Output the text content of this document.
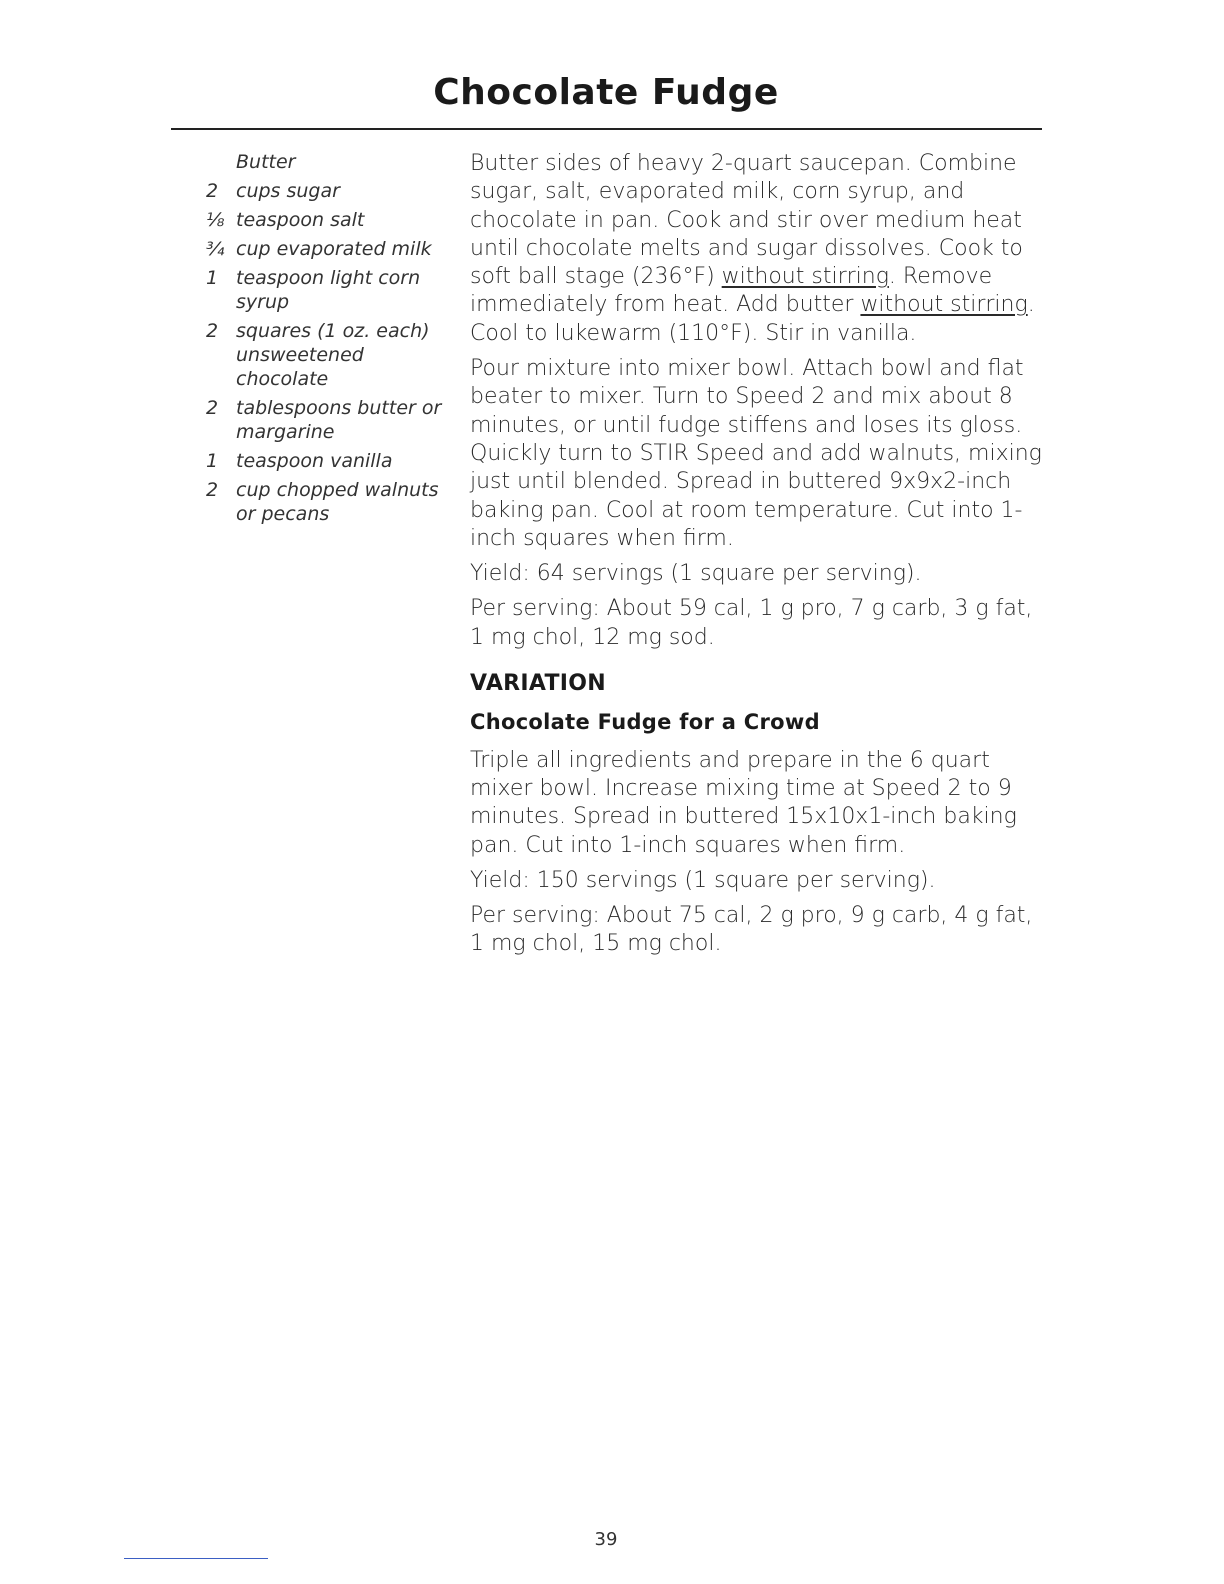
Chocolate Fudge
Butter
2 cups sugar
⅛ teaspoon salt
¾ cup evaporated milk
1 teaspoon light corn syrup
2 squares (1 oz. each) unsweetened chocolate
2 tablespoons butter or margarine
1 teaspoon vanilla
2 cup chopped walnuts or pecans

Butter sides of heavy 2-quart saucepan. Combine sugar, salt, evaporated milk, corn syrup, and chocolate in pan. Cook and stir over medium heat until chocolate melts and sugar dissolves. Cook to soft ball stage (236°F) without stirring. Remove immediately from heat. Add butter without stirring. Cool to lukewarm (110°F). Stir in vanilla.

Pour mixture into mixer bowl. Attach bowl and flat beater to mixer. Turn to Speed 2 and mix about 8 minutes, or until fudge stiffens and loses its gloss. Quickly turn to STIR Speed and add walnuts, mixing just until blended. Spread in buttered 9x9x2-inch baking pan. Cool at room temperature. Cut into 1-inch squares when firm.

Yield: 64 servings (1 square per serving).

Per serving: About 59 cal, 1 g pro, 7 g carb, 3 g fat, 1 mg chol, 12 mg sod.

VARIATION
Chocolate Fudge for a Crowd

Triple all ingredients and prepare in the 6 quart mixer bowl. Increase mixing time at Speed 2 to 9 minutes. Spread in buttered 15x10x1-inch baking pan. Cut into 1-inch squares when firm.

Yield: 150 servings (1 square per serving).

Per serving: About 75 cal, 2 g pro, 9 g carb, 4 g fat, 1 mg chol, 15 mg chol.

39
